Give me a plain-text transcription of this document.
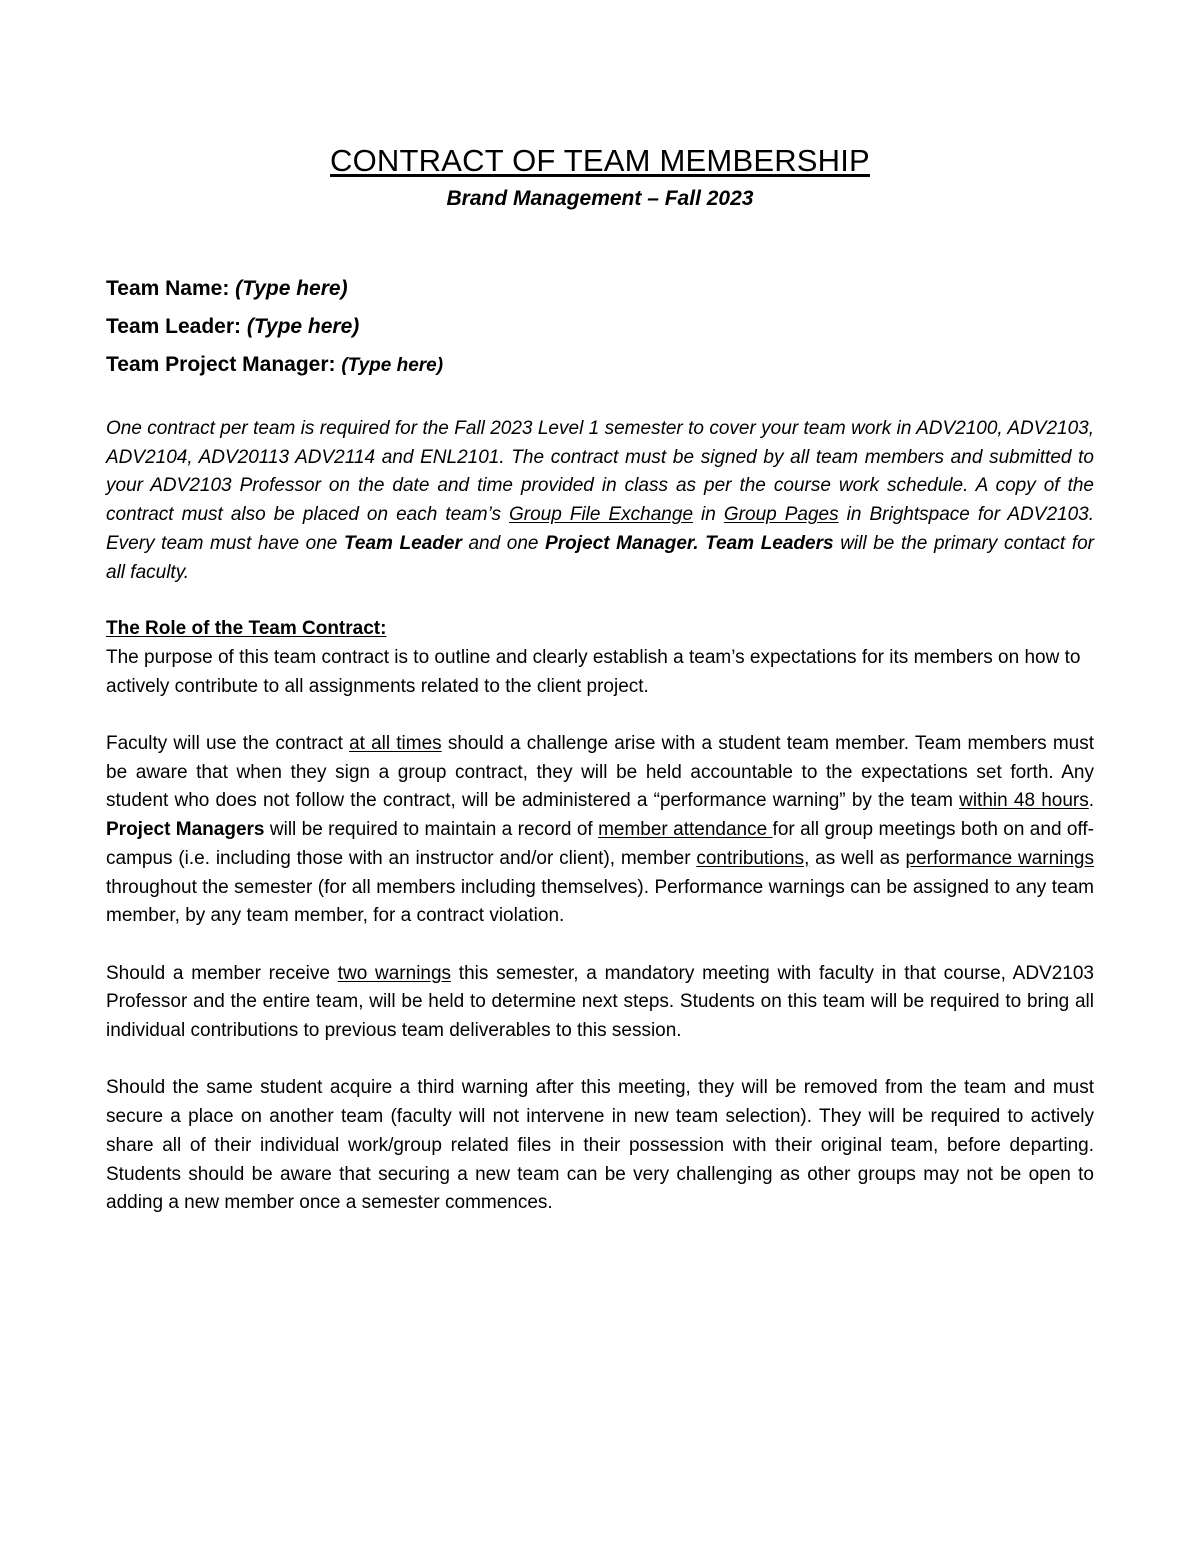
CONTRACT OF TEAM MEMBERSHIP
Brand Management – Fall 2023
Team Name: (Type here)
Team Leader: (Type here)
Team Project Manager: (Type here)
One contract per team is required for the Fall 2023 Level 1 semester to cover your team work in ADV2100, ADV2103, ADV2104, ADV20113 ADV2114 and ENL2101. The contract must be signed by all team members and submitted to your ADV2103 Professor on the date and time provided in class as per the course work schedule. A copy of the contract must also be placed on each team’s Group File Exchange in Group Pages in Brightspace for ADV2103. Every team must have one Team Leader and one Project Manager. Team Leaders will be the primary contact for all faculty.
The Role of the Team Contract:

The purpose of this team contract is to outline and clearly establish a team’s expectations for its members on how to actively contribute to all assignments related to the client project.

Faculty will use the contract at all times should a challenge arise with a student team member. Team members must be aware that when they sign a group contract, they will be held accountable to the expectations set forth. Any student who does not follow the contract, will be administered a “performance warning” by the team within 48 hours. Project Managers will be required to maintain a record of member attendance for all group meetings both on and off-campus (i.e. including those with an instructor and/or client), member contributions, as well as performance warnings throughout the semester (for all members including themselves). Performance warnings can be assigned to any team member, by any team member, for a contract violation.

Should a member receive two warnings this semester, a mandatory meeting with faculty in that course, ADV2103 Professor and the entire team, will be held to determine next steps. Students on this team will be required to bring all individual contributions to previous team deliverables to this session.

Should the same student acquire a third warning after this meeting, they will be removed from the team and must secure a place on another team (faculty will not intervene in new team selection). They will be required to actively share all of their individual work/group related files in their possession with their original team, before departing. Students should be aware that securing a new team can be very challenging as other groups may not be open to adding a new member once a semester commences.
